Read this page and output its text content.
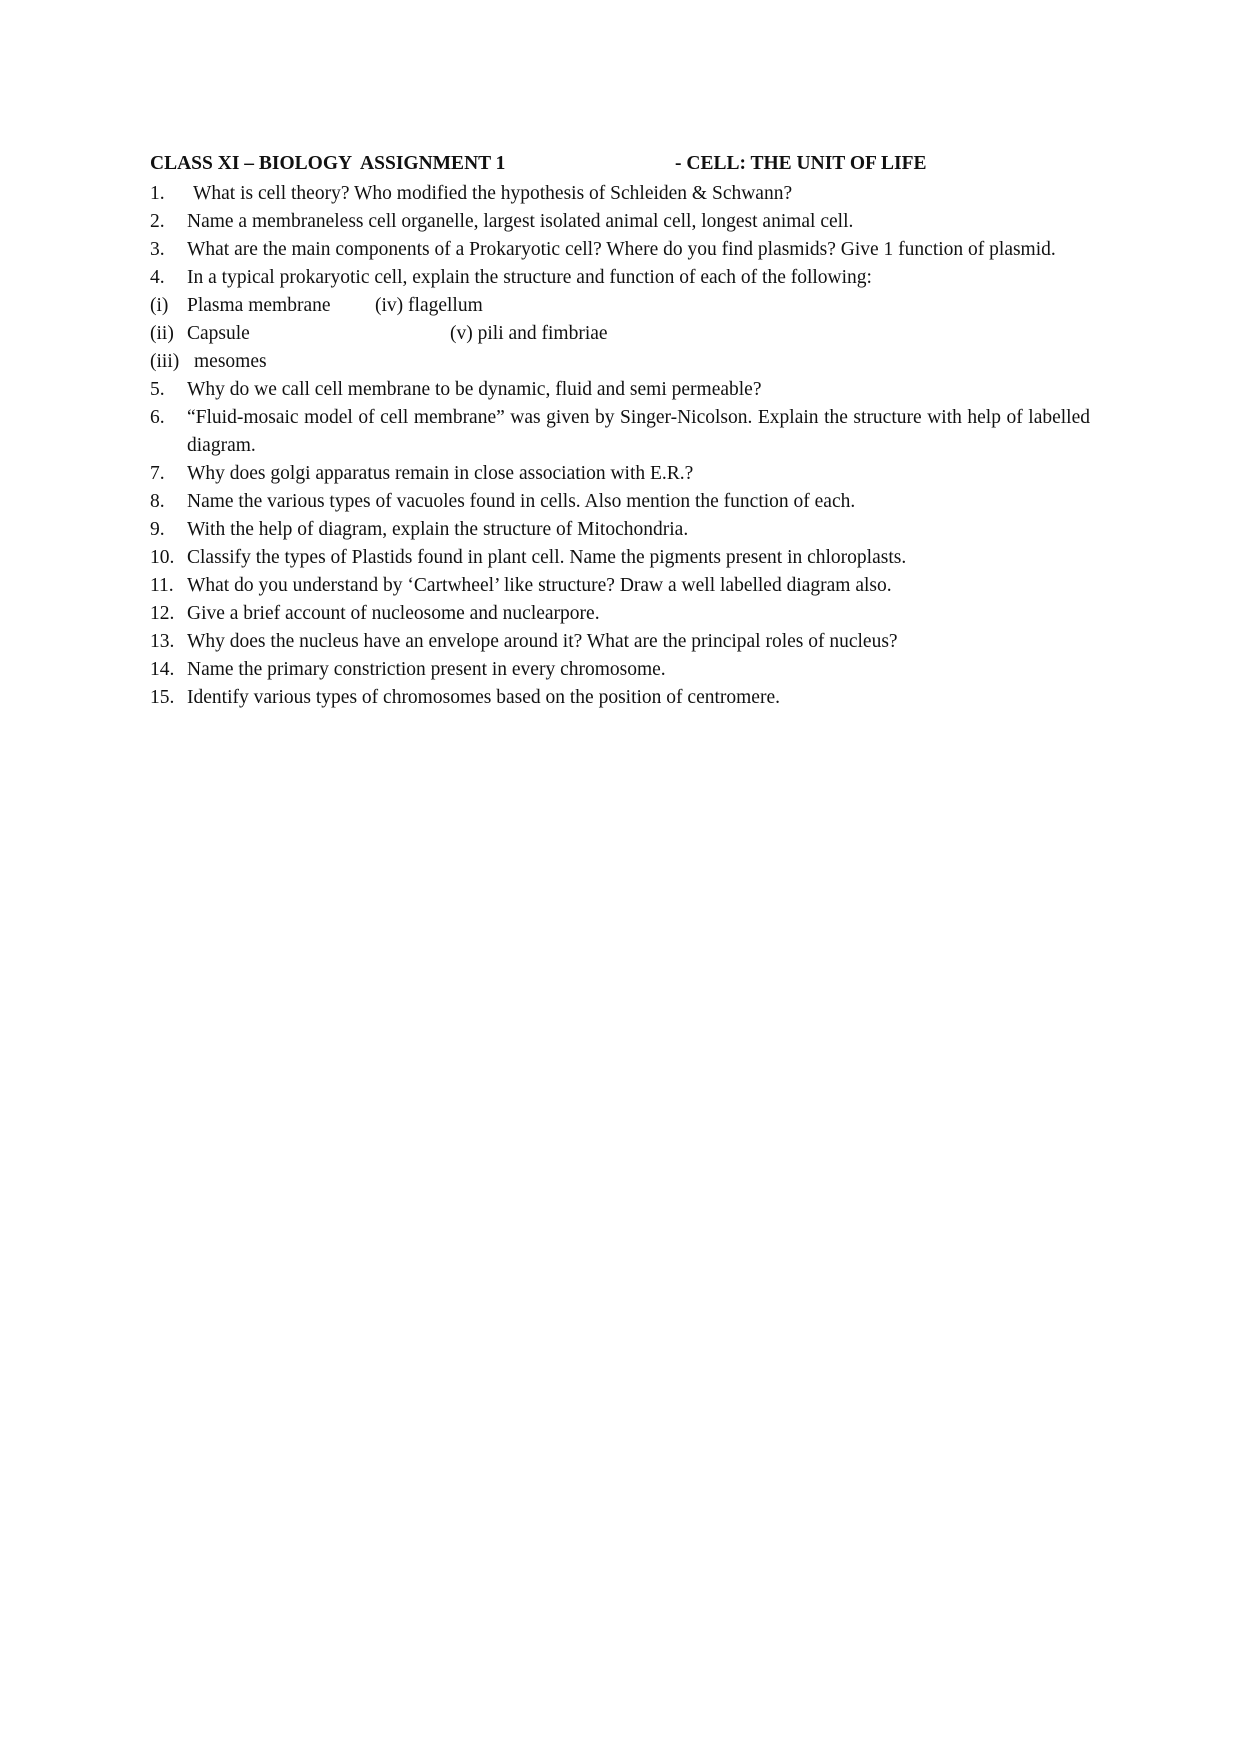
CLASS XI – BIOLOGY  ASSIGNMENT 1	- CELL: THE UNIT OF LIFE
1.	What is cell theory? Who modified the hypothesis of Schleiden & Schwann?
2. Name a membraneless cell organelle, largest isolated animal cell, longest animal cell.
3. What are the main components of a Prokaryotic cell? Where do you find plasmids? Give 1 function of plasmid.
4. In a typical prokaryotic cell, explain the structure and function of each of the following:
(i) Plasma membrane (iv) flagellum
(ii) Capsule	(v) pili and fimbriae
(iii) mesomes
5. Why do we call cell membrane to be dynamic, fluid and semi permeable?
6. “Fluid-mosaic model of cell membrane” was given by Singer-Nicolson. Explain the structure with help of labelled diagram.
7. Why does golgi apparatus remain in close association with E.R.?
8. Name the various types of vacuoles found in cells. Also mention the function of each.
9. With the help of diagram, explain the structure of Mitochondria.
10. Classify the types of Plastids found in plant cell. Name the pigments present in chloroplasts.
11. What do you understand by ‘Cartwheel’ like structure? Draw a well labelled diagram also.
12. Give a brief account of nucleosome and nuclearpore.
13. Why does the nucleus have an envelope around it? What are the principal roles of nucleus?
14. Name the primary constriction present in every chromosome.
15. Identify various types of chromosomes based on the position of centromere.
